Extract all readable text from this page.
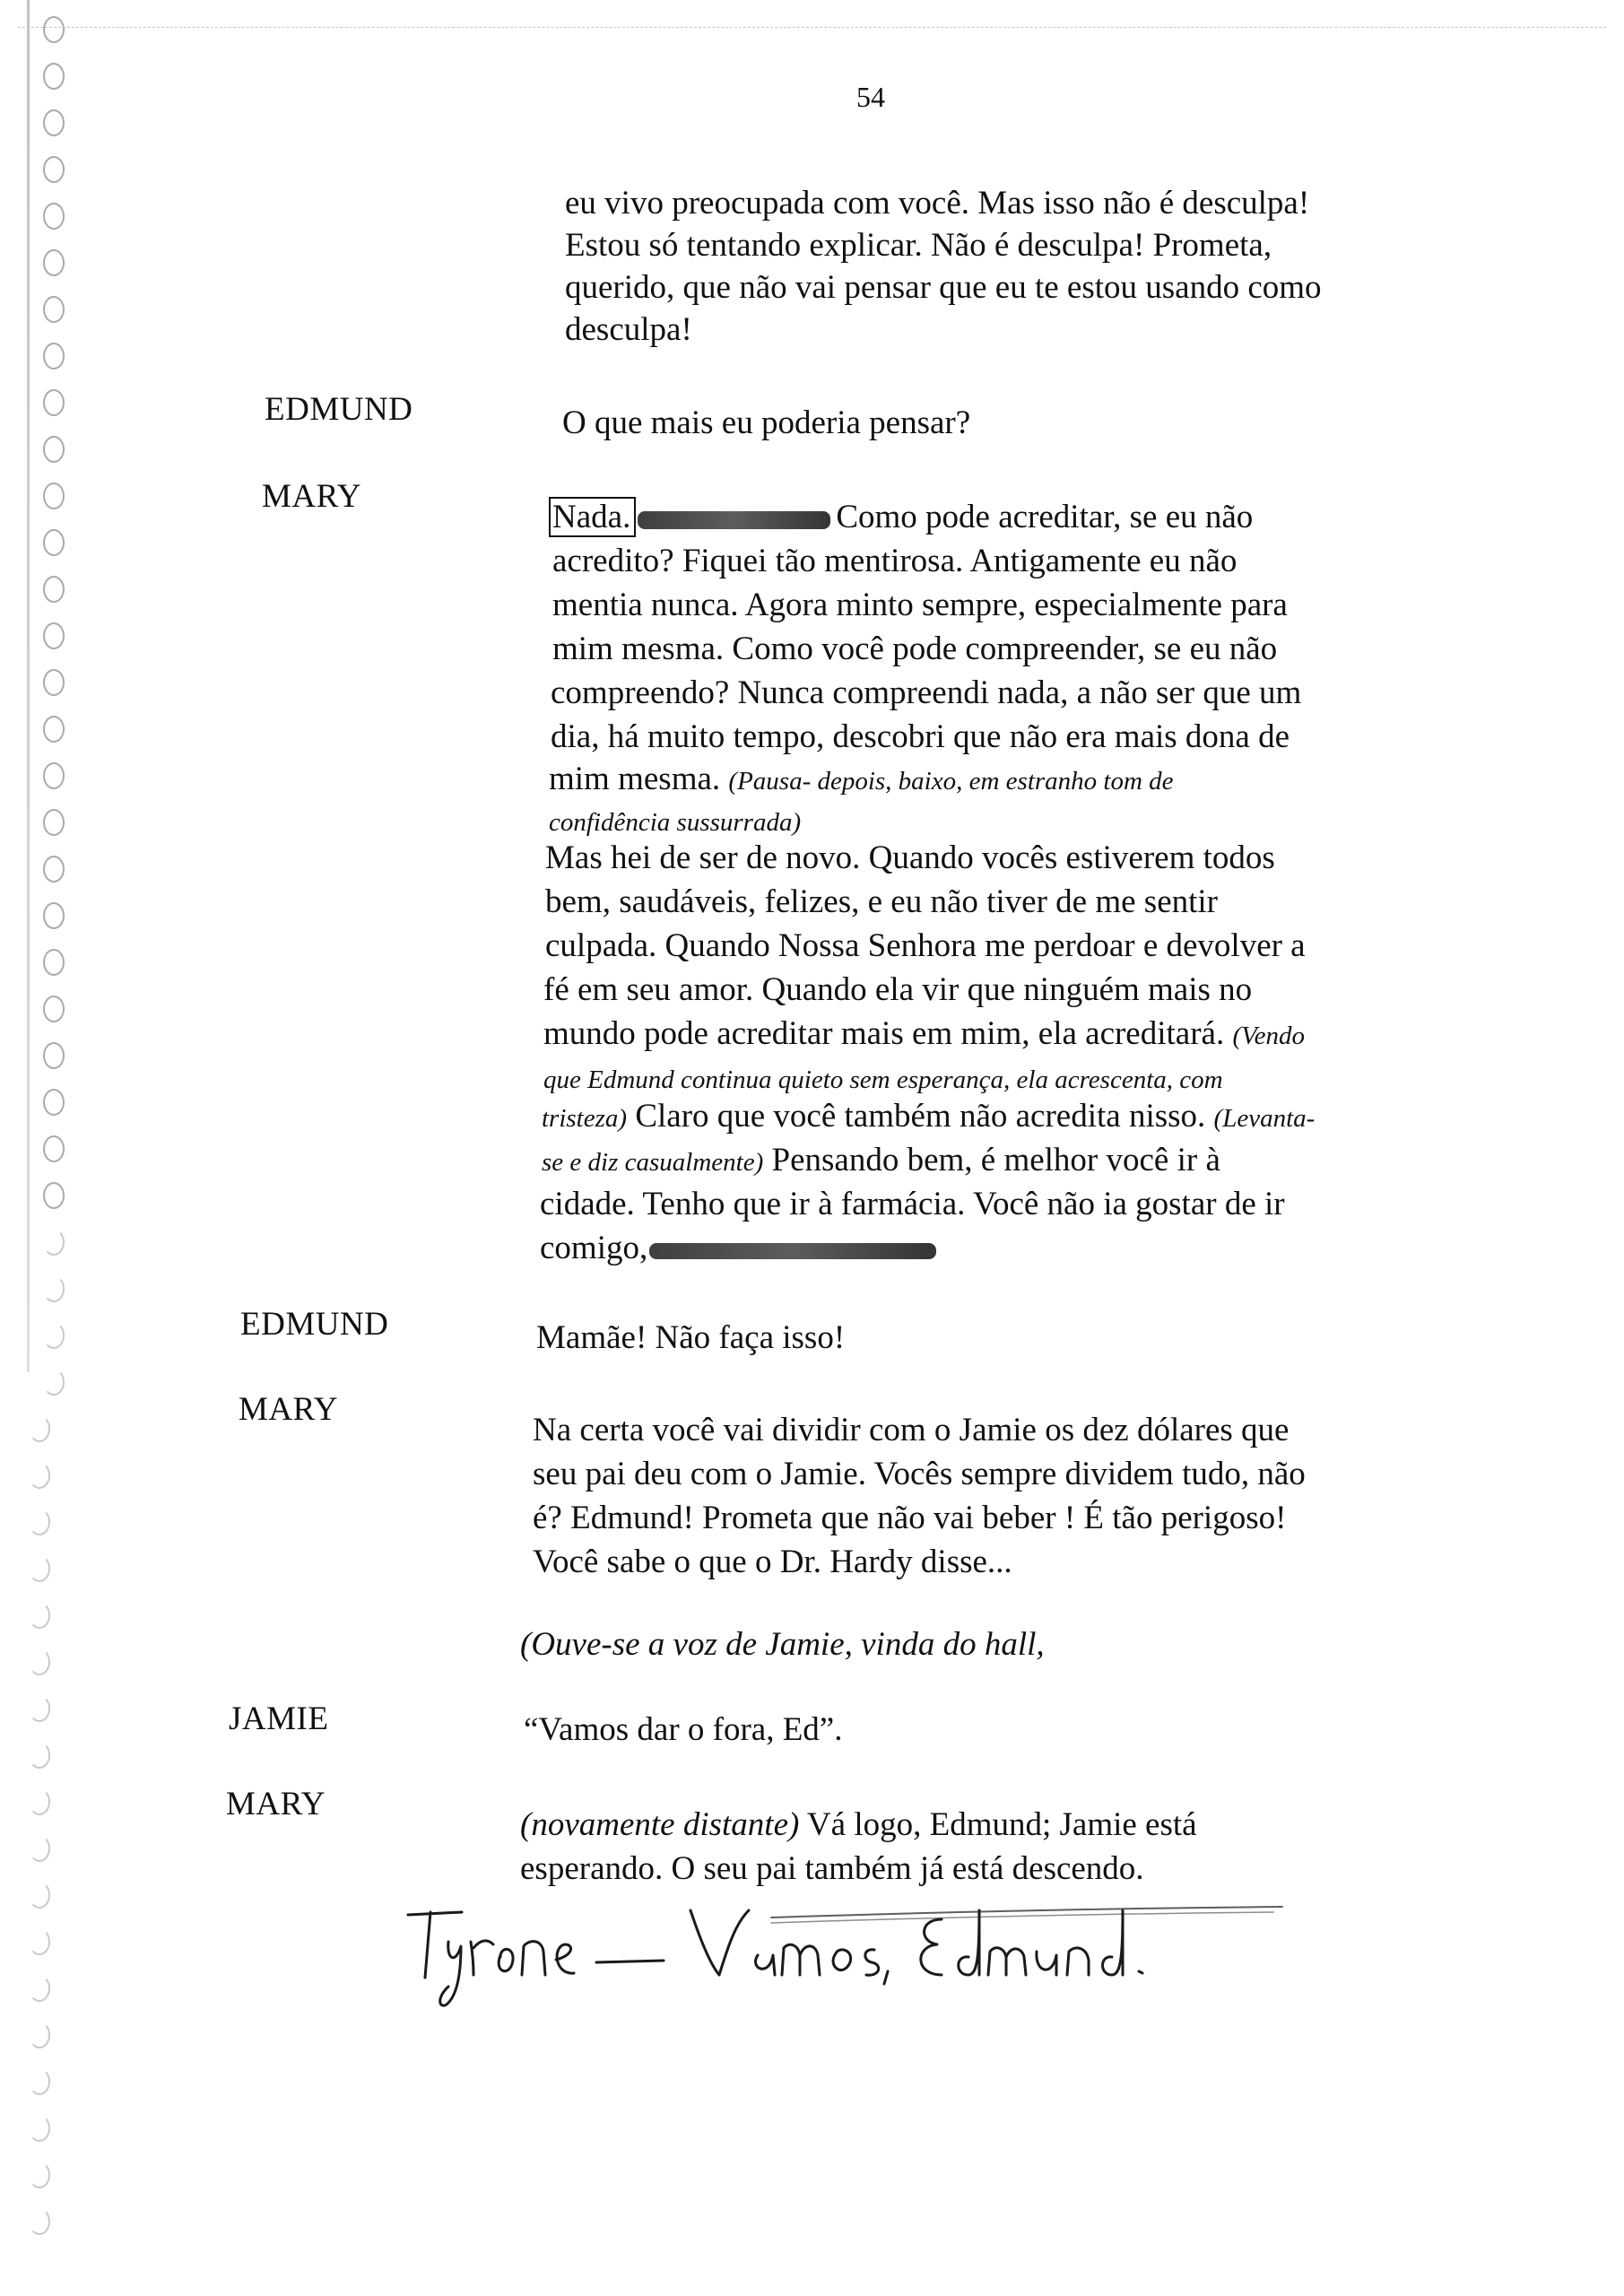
54
eu vivo preocupada com você. Mas isso não é desculpa!
Estou só tentando explicar. Não é desculpa! Prometa,
querido, que não vai pensar que eu te estou usando como
desculpa!
EDMUND	O que mais eu poderia pensar?
MARY
Nada.	Como pode acreditar, se eu não
acredito? Fiquei tão mentirosa. Antigamente eu não
mentia nunca. Agora minto sempre, especialmente para
mim mesma. Como você pode compreender, se eu não
compreendo? Nunca compreendi nada, a não ser que um
dia, há muito tempo, descobri que não era mais dona de
mim mesma. (Pausa- depois, baixo, em estranho tom de
confidência sussurrada)
Mas hei de ser de novo. Quando vocês estiverem todos
bem, saudáveis, felizes, e eu não tiver de me sentir
culpada. Quando Nossa Senhora me perdoar e devolver a
fé em seu amor. Quando ela vir que ninguém mais no
mundo pode acreditar mais em mim, ela acreditará. (Vendo
que Edmund continua quieto sem esperança, ela acrescenta, com
tristeza) Claro que você também não acredita nisso. (Levanta-
se e diz casualmente) Pensando bem, é melhor você ir à
cidade. Tenho que ir à farmácia. Você não ia gostar de ir
comigo,
EDMUND	Mamãe! Não faça isso!
MARY
Na certa você vai dividir com o Jamie os dez dólares que
seu pai deu com o Jamie. Vocês sempre dividem tudo, não
é? Edmund! Prometa que não vai beber ! É tão perigoso!
Você sabe o que o Dr. Hardy disse...
(Ouve-se a voz de Jamie, vinda do hall,
JAMIE	“Vamos dar o fora, Ed”.
MARY
(novamente distante) Vá logo, Edmund; Jamie está
esperando. O seu pai também já está descendo.
